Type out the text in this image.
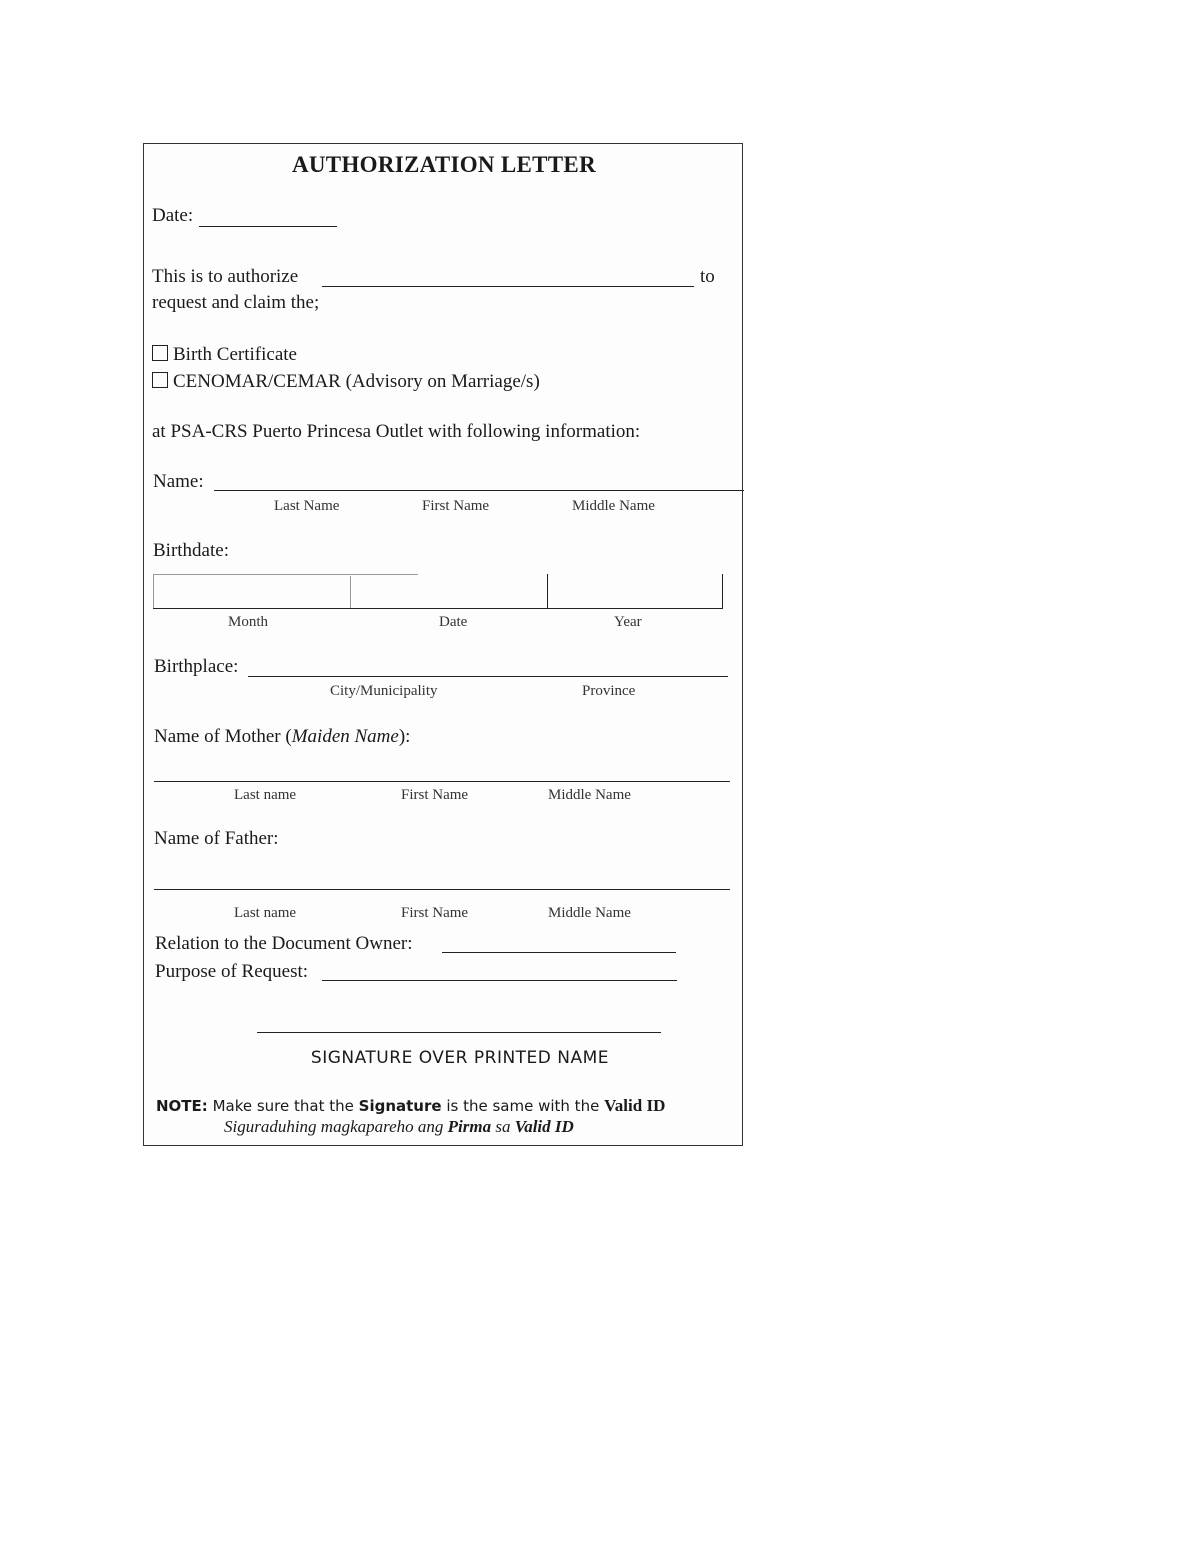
AUTHORIZATION LETTER
Date:
This is to authorize	to
request and claim the;
Birth Certificate
CENOMAR/CEMAR (Advisory on Marriage/s)
at PSA-CRS Puerto Princesa Outlet with following information:
Name:
Last Name	First Name	Middle Name
Birthdate:
Month	Date	Year
Birthplace:
City/Municipality	Province
Name of Mother (Maiden Name):
Last name	First Name	Middle Name
Name of Father:
Last name	First Name	Middle Name
Relation to the Document Owner:
Purpose of Request:
SIGNATURE OVER PRINTED NAME
NOTE: Make sure that the Signature is the same with the Valid ID
Siguraduhing magkapareho ang Pirma sa Valid ID
